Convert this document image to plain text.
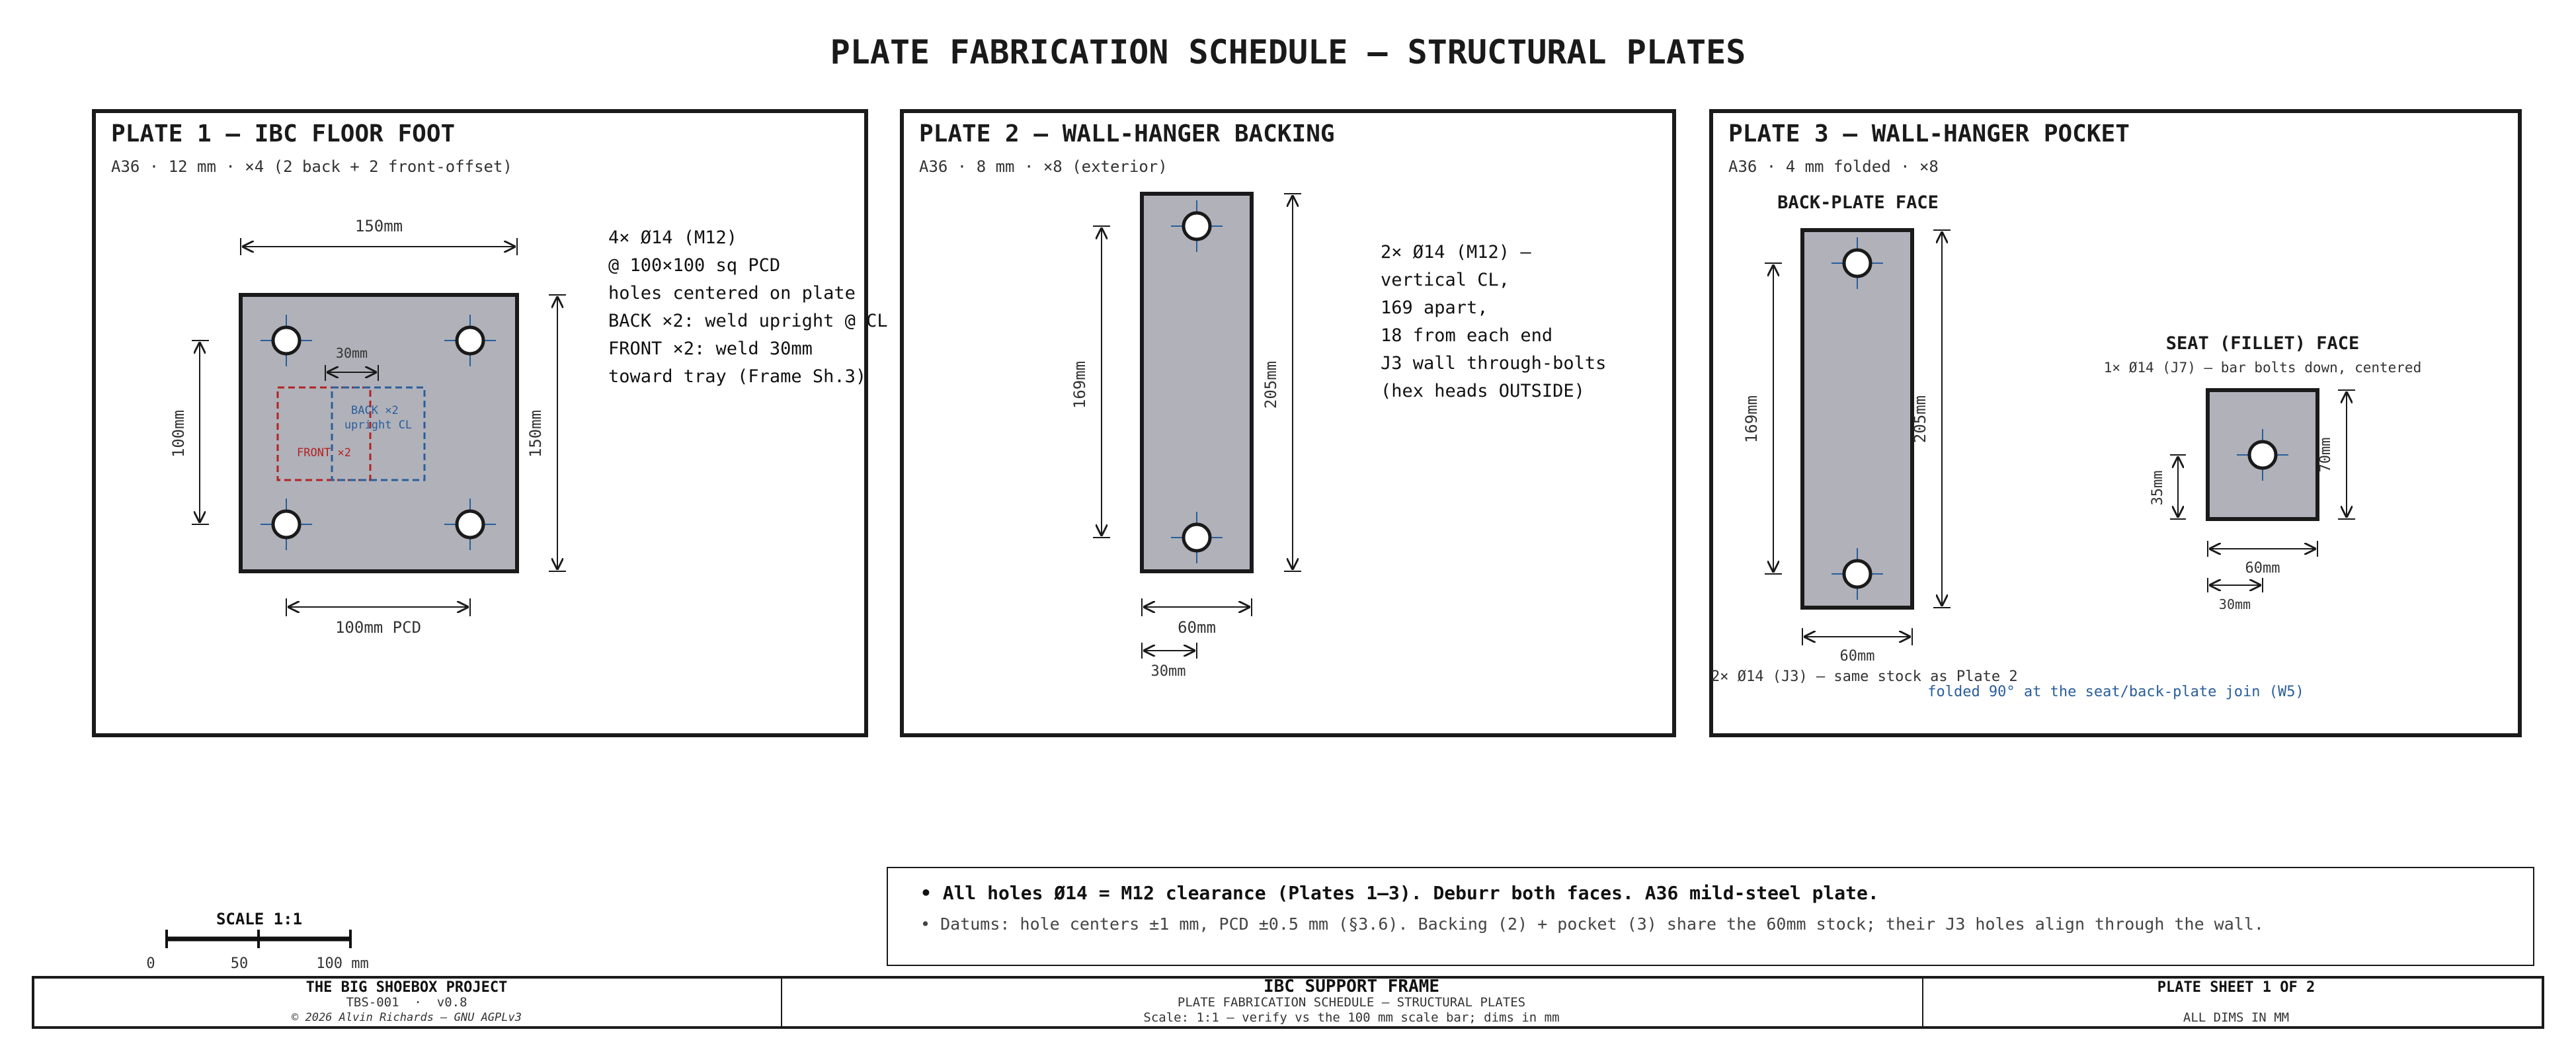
PLATE FABRICATION SCHEDULE — STRUCTURAL PLATES
PLATE 1 — IBC FLOOR FOOT
A36 · 12 mm · ×4 (2 back + 2 front-offset)
BACK ×2 upright CL
FRONT ×2
30mm
150mm
100mm	150mm
100mm PCD
4× Ø14 (M12) @ 100×100 sq PCD holes centered on plate BACK ×2: weld upright @ CL FRONT ×2: weld 30mm toward tray (Frame Sh.3)
PLATE 2 — WALL-HANGER BACKING
A36 · 8 mm · ×8 (exterior)
169mm	205mm
60mm
30mm
2× Ø14 (M12) — vertical CL, 169 apart, 18 from each end J3 wall through-bolts (hex heads OUTSIDE)
PLATE 3 — WALL-HANGER POCKET
A36 · 4 mm folded · ×8
BACK-PLATE FACE
169mm	205mm
60mm
2× Ø14 (J3) — same stock as Plate 2
SEAT (FILLET) FACE
1× Ø14 (J7) — bar bolts down, centered
35mm
70mm
60mm
30mm
folded 90° at the seat/back-plate join (W5)
• All holes Ø14 = M12 clearance (Plates 1–3). Deburr both faces. A36 mild-steel plate.
• Datums: hole centers ±1 mm, PCD ±0.5 mm (§3.6). Backing (2) + pocket (3) share the 60mm stock; their J3 holes align through the wall.
SCALE 1:1
0	50	100 mm
THE BIG SHOEBOX PROJECT
TBS-001  ·  v0.8
© 2026 Alvin Richards — GNU AGPLv3
IBC SUPPORT FRAME
PLATE FABRICATION SCHEDULE — STRUCTURAL PLATES
Scale: 1:1 — verify vs the 100 mm scale bar; dims in mm
PLATE SHEET 1 OF 2
ALL DIMS IN MM
